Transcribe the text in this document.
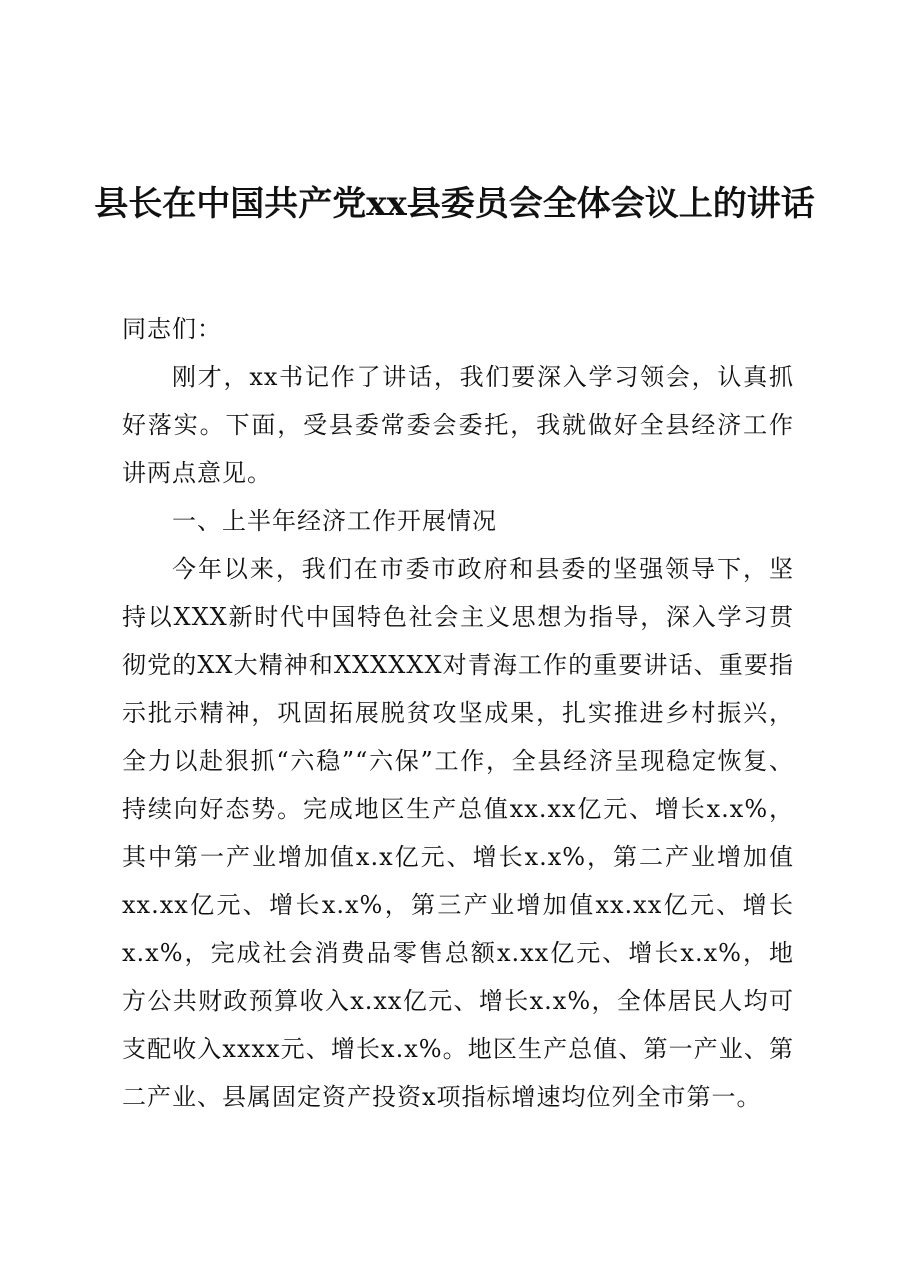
县长在中国共产党xx县委员会全体会议上的讲话

同志们：

刚才，xx书记作了讲话，我们要深入学习领会，认真抓好落实。下面，受县委常委会委托，我就做好全县经济工作讲两点意见。

一、上半年经济工作开展情况

今年以来，我们在市委市政府和县委的坚强领导下，坚持以XXX新时代中国特色社会主义思想为指导，深入学习贯彻党的XX大精神和XXXXXX对青海工作的重要讲话、重要指示批示精神，巩固拓展脱贫攻坚成果，扎实推进乡村振兴，全力以赴狠抓“六稳”“六保”工作，全县经济呈现稳定恢复、持续向好态势。完成地区生产总值xx.xx亿元、增长x.x%，其中第一产业增加值x.x亿元、增长x.x%，第二产业增加值xx.xx亿元、增长x.x%，第三产业增加值xx.xx亿元、增长x.x%，完成社会消费品零售总额x.xx亿元、增长x.x%，地方公共财政预算收入x.xx亿元、增长x.x%，全体居民人均可支配收入xxxx元、增长x.x%。地区生产总值、第一产业、第二产业、县属固定资产投资x项指标增速均位列全市第一。
